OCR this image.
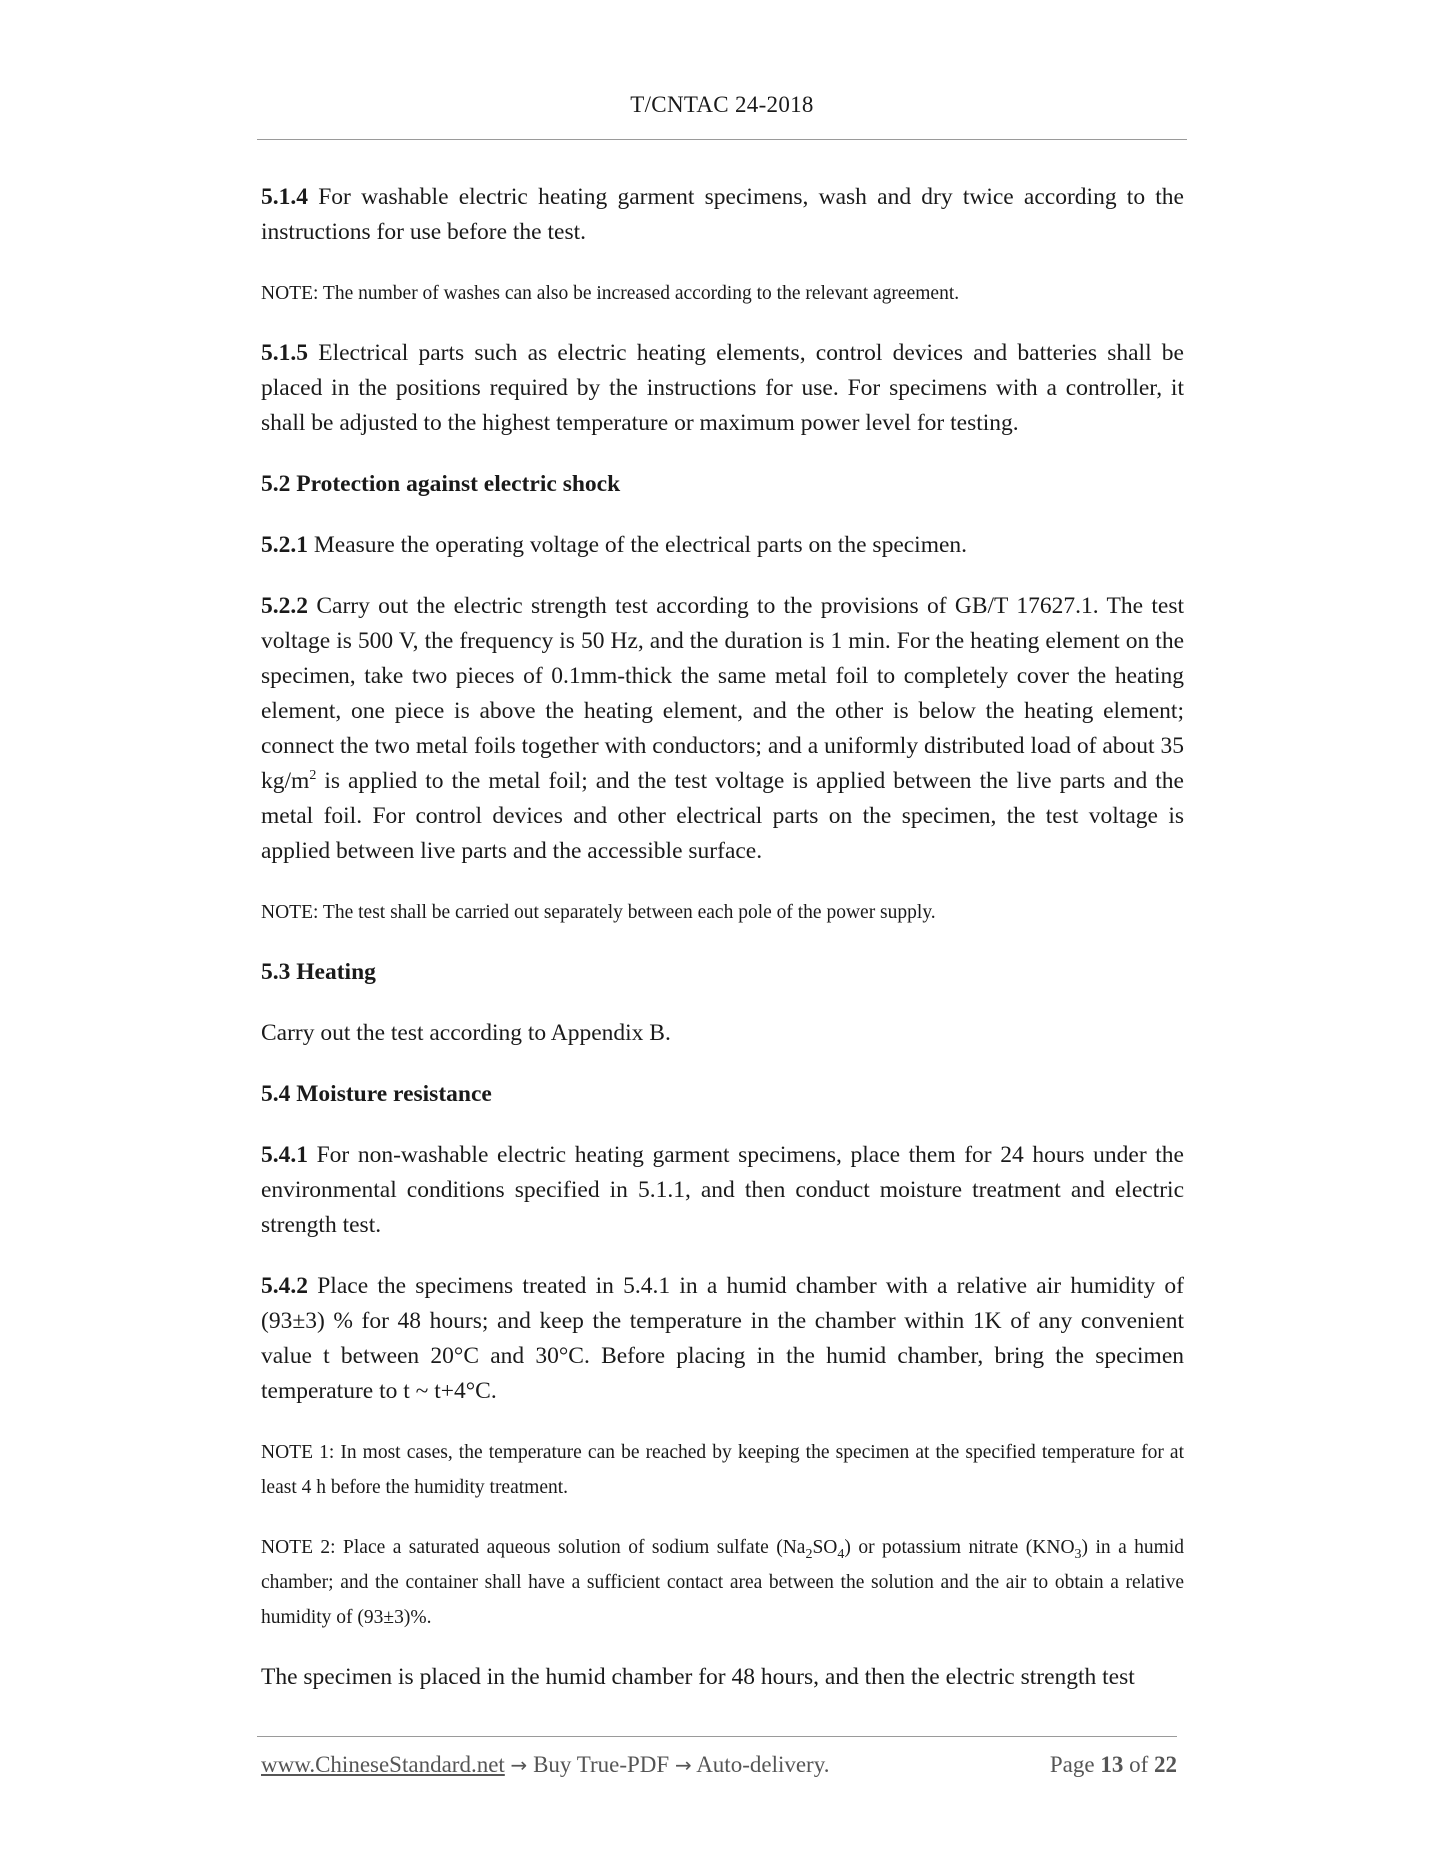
T/CNTAC 24-2018

5.1.4 For washable electric heating garment specimens, wash and dry twice according to the instructions for use before the test.

NOTE: The number of washes can also be increased according to the relevant agreement.

5.1.5 Electrical parts such as electric heating elements, control devices and batteries shall be placed in the positions required by the instructions for use. For specimens with a controller, it shall be adjusted to the highest temperature or maximum power level for testing.

5.2 Protection against electric shock

5.2.1 Measure the operating voltage of the electrical parts on the specimen.

5.2.2 Carry out the electric strength test according to the provisions of GB/T 17627.1. The test voltage is 500 V, the frequency is 50 Hz, and the duration is 1 min. For the heating element on the specimen, take two pieces of 0.1mm-thick the same metal foil to completely cover the heating element, one piece is above the heating element, and the other is below the heating element; connect the two metal foils together with conductors; and a uniformly distributed load of about 35 $kg/m^2$ is applied to the metal foil; and the test voltage is applied between the live parts and the metal foil. For control devices and other electrical parts on the specimen, the test voltage is applied between live parts and the accessible surface.

NOTE: The test shall be carried out separately between each pole of the power supply.

5.3 Heating

Carry out the test according to Appendix B.

5.4 Moisture resistance

5.4.1 For non-washable electric heating garment specimens, place them for 24 hours under the environmental conditions specified in 5.1.1, and then conduct moisture treatment and electric strength test.

5.4.2 Place the specimens treated in 5.4.1 in a humid chamber with a relative air humidity of (93±3) % for 48 hours; and keep the temperature in the chamber within 1K of any convenient value t between 20°C and 30°C. Before placing in the humid chamber, bring the specimen temperature to t ~ t+4°C.

NOTE 1: In most cases, the temperature can be reached by keeping the specimen at the specified temperature for at least 4 h before the humidity treatment.

NOTE 2: Place a saturated aqueous solution of sodium sulfate $(Na_2SO_4)$ or potassium nitrate $(KNO_3)$ in a humid chamber; and the container shall have a sufficient contact area between the solution and the air to obtain a relative humidity of (93±3)%.

The specimen is placed in the humid chamber for 48 hours, and then the electric strength test

www.ChineseStandard.net → Buy True-PDF → Auto-delivery.	Page 13 of 22
